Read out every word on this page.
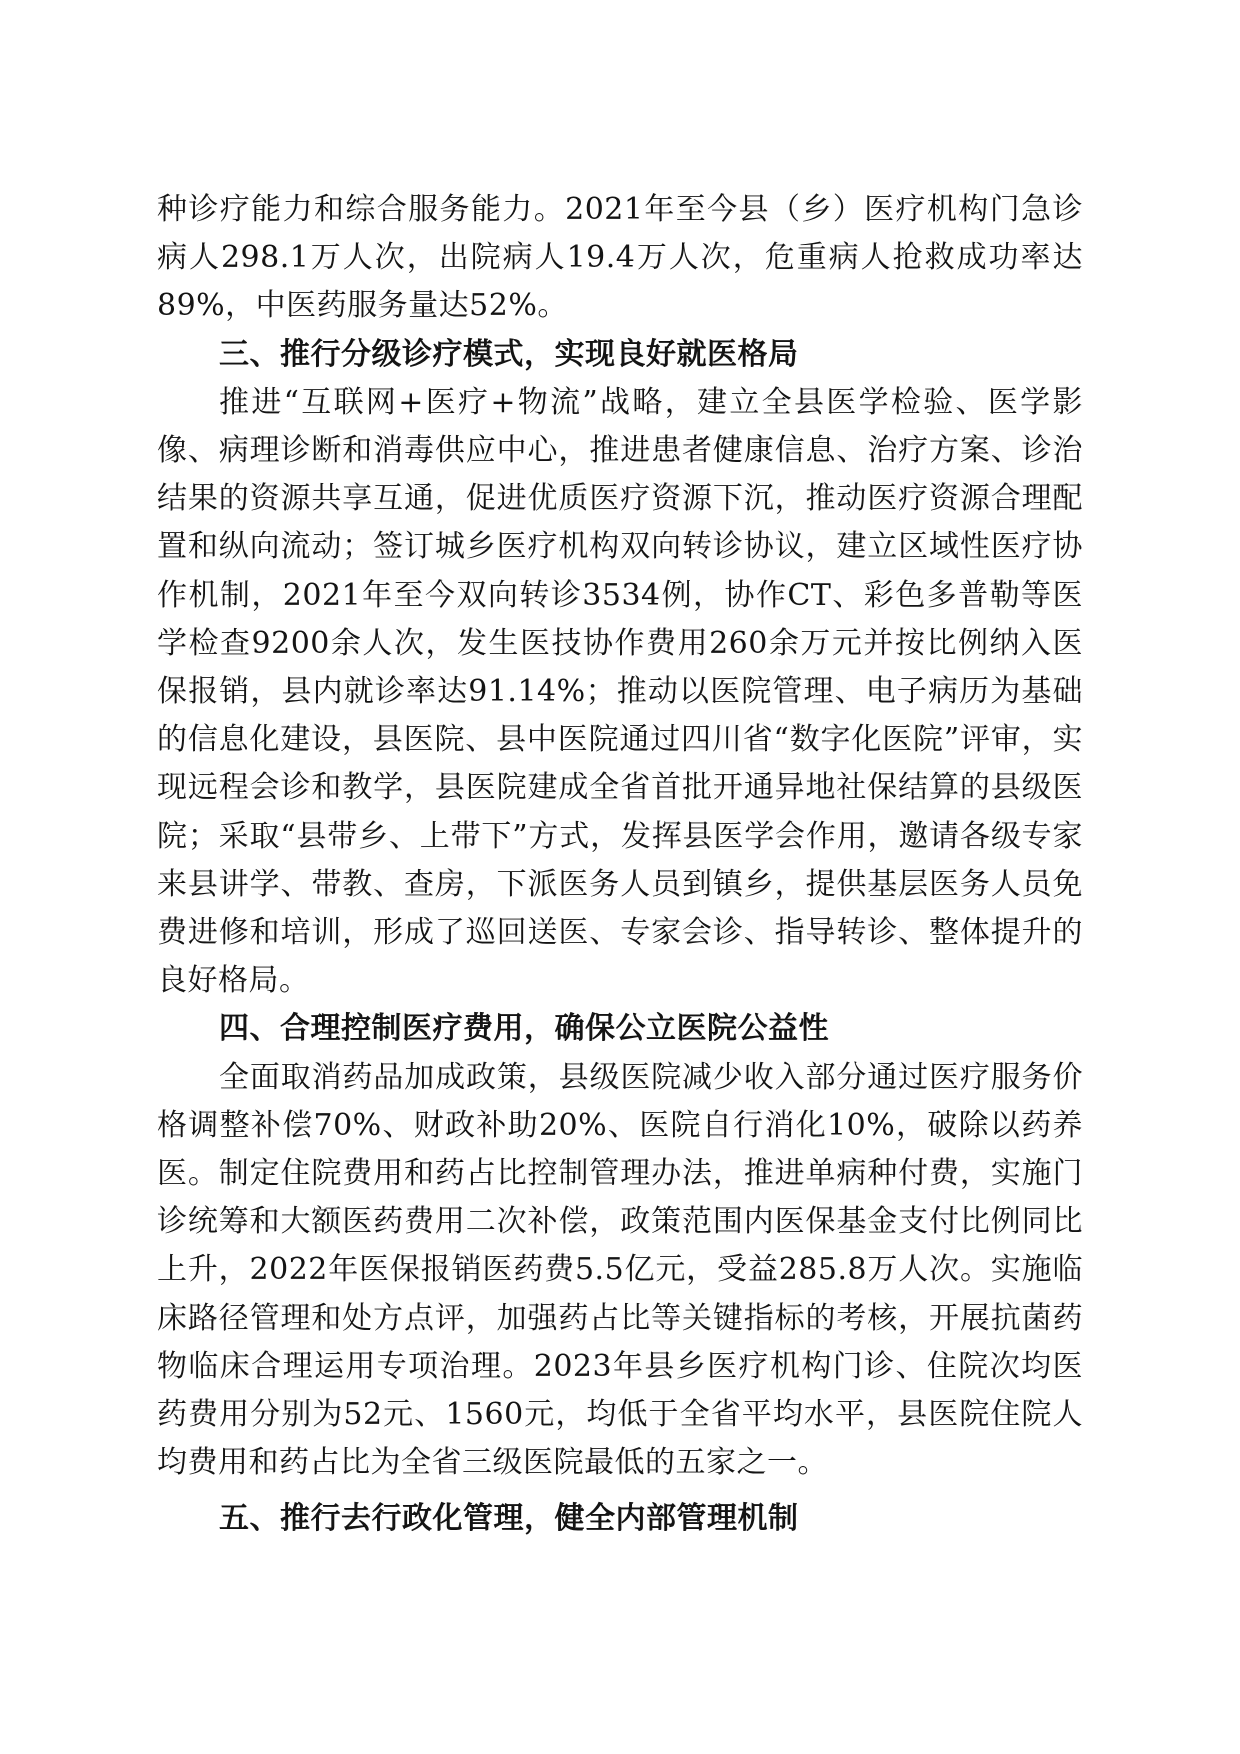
种诊疗能力和综合服务能力。2021年至今县（乡）医疗机构门急诊病人298.1万人次，出院病人19.4万人次，危重病人抢救成功率达89%，中医药服务量达52%。

三、推行分级诊疗模式，实现良好就医格局

推进“互联网+医疗+物流”战略，建立全县医学检验、医学影像、病理诊断和消毒供应中心，推进患者健康信息、治疗方案、诊治结果的资源共享互通，促进优质医疗资源下沉，推动医疗资源合理配置和纵向流动；签订城乡医疗机构双向转诊协议，建立区域性医疗协作机制，2021年至今双向转诊3534例，协作CT、彩色多普勒等医学检查9200余人次，发生医技协作费用260余万元并按比例纳入医保报销，县内就诊率达91.14%；推动以医院管理、电子病历为基础的信息化建设，县医院、县中医院通过四川省“数字化医院”评审，实现远程会诊和教学，县医院建成全省首批开通异地社保结算的县级医院；采取“县带乡、上带下”方式，发挥县医学会作用，邀请各级专家来县讲学、带教、查房，下派医务人员到镇乡，提供基层医务人员免费进修和培训，形成了巡回送医、专家会诊、指导转诊、整体提升的良好格局。

四、合理控制医疗费用，确保公立医院公益性

全面取消药品加成政策，县级医院减少收入部分通过医疗服务价格调整补偿70%、财政补助20%、医院自行消化10%，破除以药养医。制定住院费用和药占比控制管理办法，推进单病种付费，实施门诊统筹和大额医药费用二次补偿，政策范围内医保基金支付比例同比上升，2022年医保报销医药费5.5亿元，受益285.8万人次。实施临床路径管理和处方点评，加强药占比等关键指标的考核，开展抗菌药物临床合理运用专项治理。2023年县乡医疗机构门诊、住院次均医药费用分别为52元、1560元，均低于全省平均水平，县医院住院人均费用和药占比为全省三级医院最低的五家之一。

五、推行去行政化管理，健全内部管理机制
